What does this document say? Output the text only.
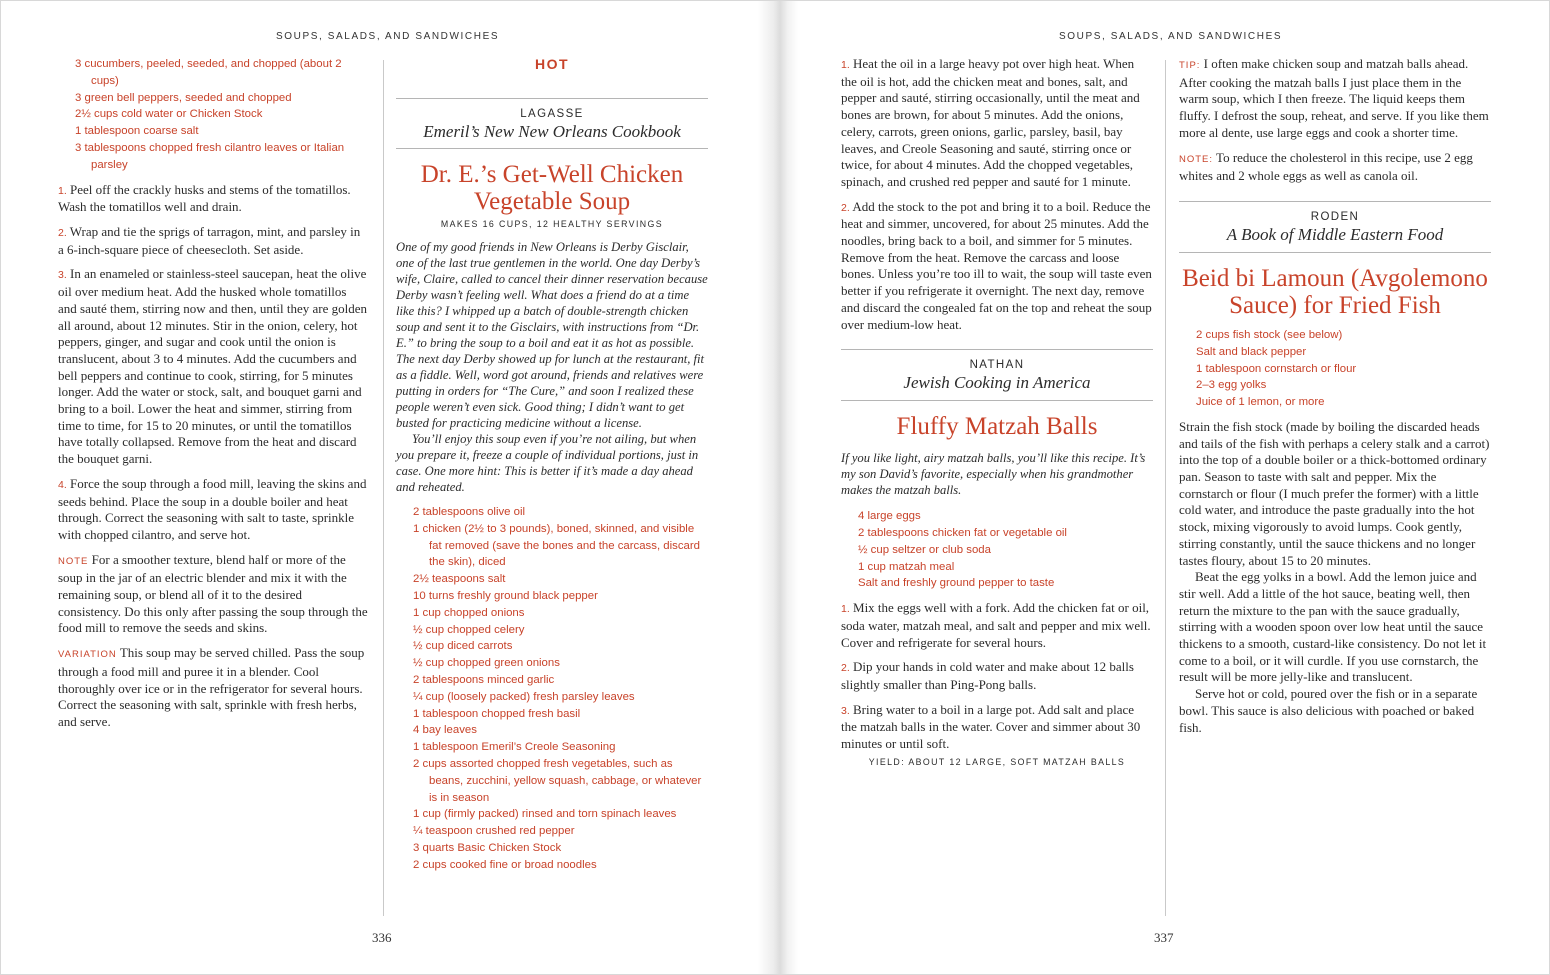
SOUPS, SALADS, AND SANDWICHES
3 cucumbers, peeled, seeded, and chopped (about 2 cups)
3 green bell peppers, seeded and chopped
2½ cups cold water or Chicken Stock
1 tablespoon coarse salt
3 tablespoons chopped fresh cilantro leaves or Italian parsley

1. Peel off the crackly husks and stems of the tomatillos. Wash the tomatillos well and drain.

2. Wrap and tie the sprigs of tarragon, mint, and parsley in a 6-inch-square piece of cheesecloth. Set aside.

3. In an enameled or stainless-steel saucepan, heat the olive oil over medium heat. Add the husked whole tomatillos and sauté them, stirring now and then, until they are golden all around, about 12 minutes. Stir in the onion, celery, hot peppers, ginger, and sugar and cook until the onion is translucent, about 3 to 4 minutes. Add the cucumbers and bell peppers and continue to cook, stirring, for 5 minutes longer. Add the water or stock, salt, and bouquet garni and bring to a boil. Lower the heat and simmer, stirring from time to time, for 15 to 20 minutes, or until the tomatillos have totally collapsed. Remove from the heat and discard the bouquet garni.

4. Force the soup through a food mill, leaving the skins and seeds behind. Place the soup in a double boiler and heat through. Correct the seasoning with salt to taste, sprinkle with chopped cilantro, and serve hot.

NOTE For a smoother texture, blend half or more of the soup in the jar of an electric blender and mix it with the remaining soup, or blend all of it to the desired consistency. Do this only after passing the soup through the food mill to remove the seeds and skins.

VARIATION This soup may be served chilled. Pass the soup through a food mill and puree it in a blender. Cool thoroughly over ice or in the refrigerator for several hours. Correct the seasoning with salt, sprinkle with fresh herbs, and serve.

HOT
LAGASSE
Emeril’s New New Orleans Cookbook
Dr. E.’s Get-Well Chicken Vegetable Soup
MAKES 16 CUPS, 12 HEALTHY SERVINGS

One of my good friends in New Orleans is Derby Gisclair, one of the last true gentlemen in the world. One day Derby’s wife, Claire, called to cancel their dinner reservation because Derby wasn’t feeling well. What does a friend do at a time like this? I whipped up a batch of double-strength chicken soup and sent it to the Gisclairs, with instructions from “Dr. E.” to bring the soup to a boil and eat it as hot as possible. The next day Derby showed up for lunch at the restaurant, fit as a fiddle. Well, word got around, friends and relatives were putting in orders for “The Cure,” and soon I realized these people weren’t even sick. Good thing; I didn’t want to get busted for practicing medicine without a license.

You’ll enjoy this soup even if you’re not ailing, but when you prepare it, freeze a couple of individual portions, just in case. One more hint: This is better if it’s made a day ahead and reheated.

2 tablespoons olive oil
1 chicken (2½ to 3 pounds), boned, skinned, and visible fat removed (save the bones and the carcass, discard the skin), diced
2½ teaspoons salt
10 turns freshly ground black pepper
1 cup chopped onions
½ cup chopped celery
½ cup diced carrots
½ cup chopped green onions
2 tablespoons minced garlic
¼ cup (loosely packed) fresh parsley leaves
1 tablespoon chopped fresh basil
4 bay leaves
1 tablespoon Emeril’s Creole Seasoning
2 cups assorted chopped fresh vegetables, such as beans, zucchini, yellow squash, cabbage, or whatever is in season
1 cup (firmly packed) rinsed and torn spinach leaves
¼ teaspoon crushed red pepper
3 quarts Basic Chicken Stock
2 cups cooked fine or broad noodles
336
SOUPS, SALADS, AND SANDWICHES

1. Heat the oil in a large heavy pot over high heat. When the oil is hot, add the chicken meat and bones, salt, and pepper and sauté, stirring occasionally, until the meat and bones are brown, for about 5 minutes. Add the onions, celery, carrots, green onions, garlic, parsley, basil, bay leaves, and Creole Seasoning and sauté, stirring once or twice, for about 4 minutes. Add the chopped vegetables, spinach, and crushed red pepper and sauté for 1 minute.

2. Add the stock to the pot and bring it to a boil. Reduce the heat and simmer, uncovered, for about 25 minutes. Add the noodles, bring back to a boil, and simmer for 5 minutes. Remove from the heat. Remove the carcass and loose bones. Unless you’re too ill to wait, the soup will taste even better if you refrigerate it overnight. The next day, remove and discard the congealed fat on the top and reheat the soup over medium-low heat.

NATHAN
Jewish Cooking in America
Fluffy Matzah Balls

If you like light, airy matzah balls, you’ll like this recipe. It’s my son David’s favorite, especially when his grandmother makes the matzah balls.

4 large eggs
2 tablespoons chicken fat or vegetable oil
½ cup seltzer or club soda
1 cup matzah meal
Salt and freshly ground pepper to taste

1. Mix the eggs well with a fork. Add the chicken fat or oil, soda water, matzah meal, and salt and pepper and mix well. Cover and refrigerate for several hours.

2. Dip your hands in cold water and make about 12 balls slightly smaller than Ping-Pong balls.

3. Bring water to a boil in a large pot. Add salt and place the matzah balls in the water. Cover and simmer about 30 minutes or until soft.

YIELD: ABOUT 12 LARGE, SOFT MATZAH BALLS

TIP: I often make chicken soup and matzah balls ahead. After cooking the matzah balls I just place them in the warm soup, which I then freeze. The liquid keeps them fluffy. I defrost the soup, reheat, and serve. If you like them more al dente, use large eggs and cook a shorter time.

NOTE: To reduce the cholesterol in this recipe, use 2 egg whites and 2 whole eggs as well as canola oil.

RODEN
A Book of Middle Eastern Food
Beid bi Lamoun (Avgolemono Sauce) for Fried Fish
2 cups fish stock (see below)
Salt and black pepper
1 tablespoon cornstarch or flour
2–3 egg yolks
Juice of 1 lemon, or more

Strain the fish stock (made by boiling the discarded heads and tails of the fish with perhaps a celery stalk and a carrot) into the top of a double boiler or a thick-bottomed ordinary pan. Season to taste with salt and pepper. Mix the cornstarch or flour (I much prefer the former) with a little cold water, and introduce the paste gradually into the hot stock, mixing vigorously to avoid lumps. Cook gently, stirring constantly, until the sauce thickens and no longer tastes floury, about 15 to 20 minutes.

Beat the egg yolks in a bowl. Add the lemon juice and stir well. Add a little of the hot sauce, beating well, then return the mixture to the pan with the sauce gradually, stirring with a wooden spoon over low heat until the sauce thickens to a smooth, custard-like consistency. Do not let it come to a boil, or it will curdle. If you use cornstarch, the result will be more jelly-like and translucent.

Serve hot or cold, poured over the fish or in a separate bowl. This sauce is also delicious with poached or baked fish.

337
